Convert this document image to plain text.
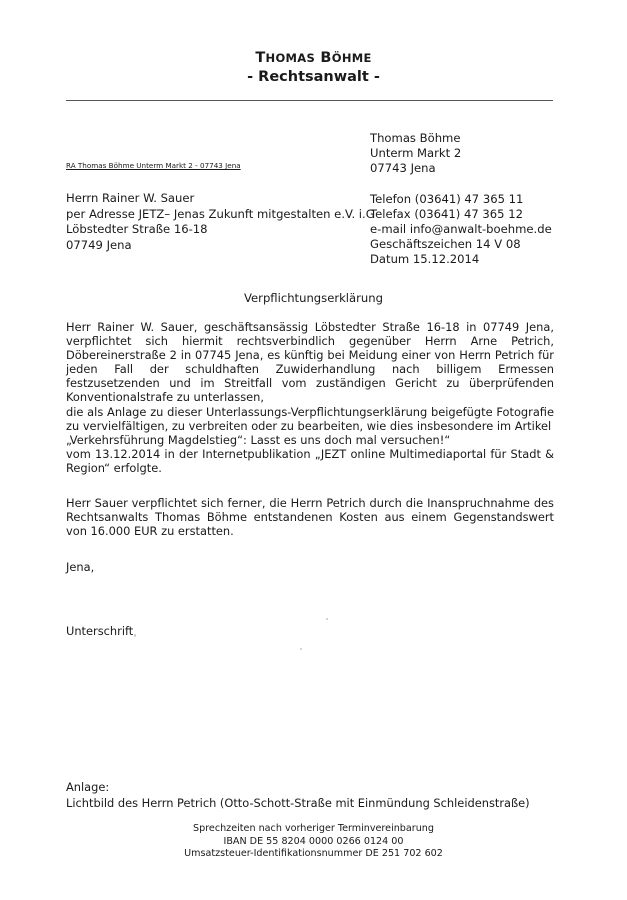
THOMAS BÖHME
- Rechtsanwalt -
Thomas Böhme
Unterm Markt 2
07743 Jena
Telefon (03641) 47 365 11
Telefax (03641) 47 365 12
e-mail info@anwalt-boehme.de
Geschäftszeichen 14 V 08
Datum 15.12.2014
RA Thomas Böhme Unterm Markt 2 - 07743 Jena
Herrn Rainer W. Sauer
per Adresse JETZ– Jenas Zukunft mitgestalten e.V. i.G
Löbstedter Straße 16-18
07749 Jena
Verpflichtungserklärung

Herr Rainer W. Sauer, geschäftsansässig Löbstedter Straße 16-18 in 07749 Jena, verpflichtet sich hiermit rechtsverbindlich gegenüber Herrn Arne Petrich, Döbereinerstraße 2 in 07745 Jena, es künftig bei Meidung einer von Herrn Petrich für jeden Fall der schuldhaften Zuwiderhandlung nach billigem Ermessen festzusetzenden und im Streitfall vom zuständigen Gericht zu überprüfenden Konventionalstrafe zu unterlassen,

die als Anlage zu dieser Unterlassungs-Verpflichtungserklärung beigefügte Fotografie zu vervielfältigen, zu verbreiten oder zu bearbeiten, wie dies insbesondere im Artikel

„Verkehrsführung Magdelstieg“: Lasst es uns doch mal versuchen!“

vom 13.12.2014 in der Internetpublikation „JEZT online Multimediaportal für Stadt & Region“ erfolgte.

Herr Sauer verpflichtet sich ferner, die Herrn Petrich durch die Inanspruchnahme des Rechtsanwalts Thomas Böhme entstandenen Kosten aus einem Gegenstandswert von 16.000 EUR zu erstatten.

Jena,
Unterschrift
Anlage:
Lichtbild des Herrn Petrich (Otto-Schott-Straße mit Einmündung Schleidenstraße)
Sprechzeiten nach vorheriger Terminvereinbarung
IBAN DE 55 8204 0000 0266 0124 00
Umsatzsteuer-Identifikationsnummer DE 251 702 602
